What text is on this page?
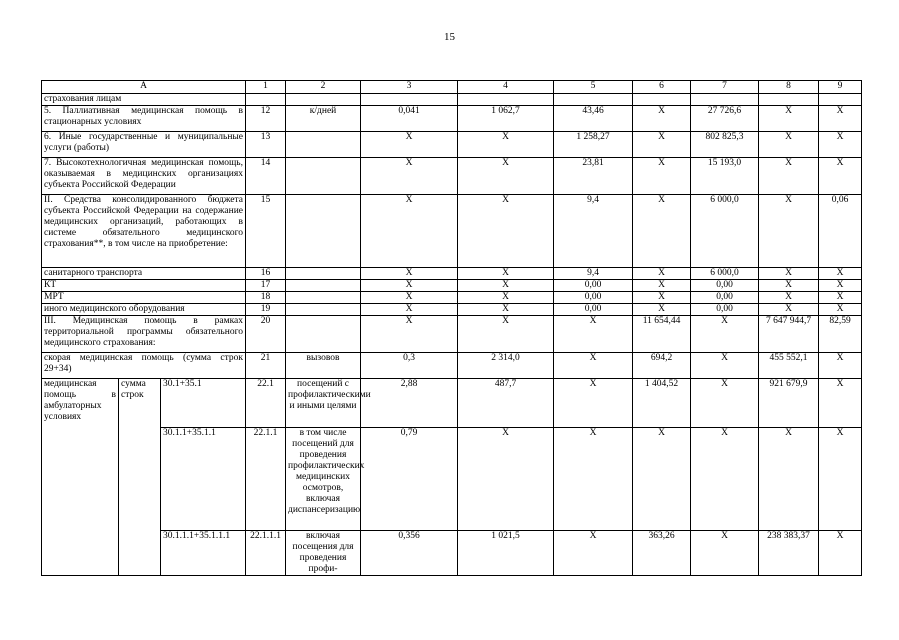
15
А			1	2	3	4	5	6	7	8	9
страхования лицам											
5. Паллиативная медицинская помощь в стационарных условиях			12	к/дней	0,041	1 062,7	43,46	X	27 726,6	X	X
6. Иные государственные и муниципальные услуги (работы)			13		X	X	1 258,27	X	802 825,3	X	X
7. Высокотехнологичная медицинская помощь, оказываемая в медицинских организациях субъекта Российской Федерации			14		X	X	23,81	X	15 193,0	X	X
II. Средства консолидированного бюджета субъекта Российской Федерации на содержание медицинских организаций, работающих в системе обязательного медицинского страхования**, в том числе на приобретение:			15		X	X	9,4	X	6 000,0	X	0,06
санитарного транспорта			16		X	X	9,4	X	6 000,0	X	X
КТ			17		X	X	0,00	X	0,00	X	X
МРТ			18		X	X	0,00	X	0,00	X	X
иного медицинского оборудования			19		X	X	0,00	X	0,00	X	X
III. Медицинская помощь в рамках территориальной программы обязательного медицинского страхования:			20		X	X	X	11 654,44	X	7 647 944,7	82,59
скорая медицинская помощь (сумма строк 29+34)			21	вызовов	0,3	2 314,0	X	694,2	X	455 552,1	X
медицинская помощь в амбулаторных условиях	сумма строк	30.1+35.1	22.1	посещений с профилактическими и иными целями	2,88	487,7	X	1 404,52	X	921 679,9	X
		30.1.1+35.1.1	22.1.1	в том числе посещений для проведения профилактических медицинских осмотров, включая диспансеризацию	0,79	X	X	X	X	X	X
		30.1.1.1+35.1.1.1	22.1.1.1	включая посещения для проведения профи-	0,356	1 021,5	X	363,26	X	238 383,37	X
